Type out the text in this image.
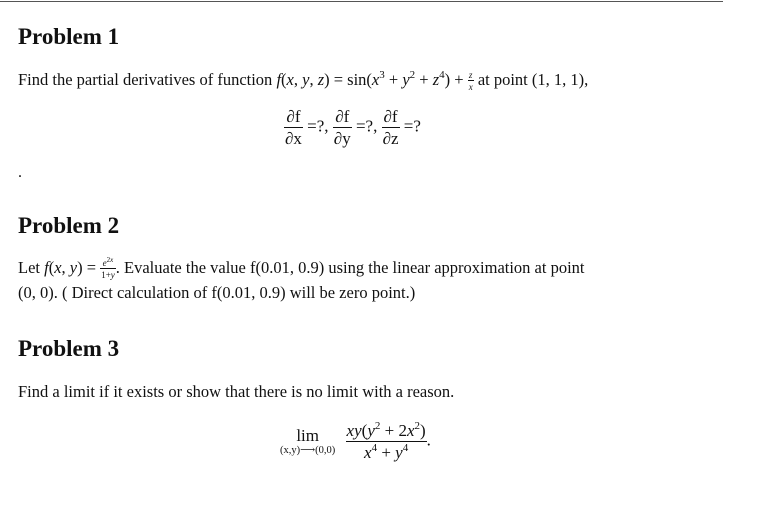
Problem 1
Find the partial derivatives of function f(x, y, $z) = \sin(x^3 + y^2 + z^4) + \frac{z}{x}$ at point (1, 1, 1),
$\frac{\partial f}{\partial x}$ =?, $\frac{\partial f}{\partial y}$ =?, $\frac{\partial f}{\partial z}$ =?
.
Problem 2
Let f(x, $y) = \frac{e^{2x}}{1+y}$ . Evaluate the value f(0.01, 0.9) using the linear approximation at point
(0, 0). ( Direct calculation of f(0.01, 0.9) will be zero point.)
Problem 3
Find a limit if it exists or show that there is no limit with a reason.
lim
(x,y)⟶(0,0)
$\frac{xy(y^2 + 2x^2)}{x^4 + y^4}$ .
